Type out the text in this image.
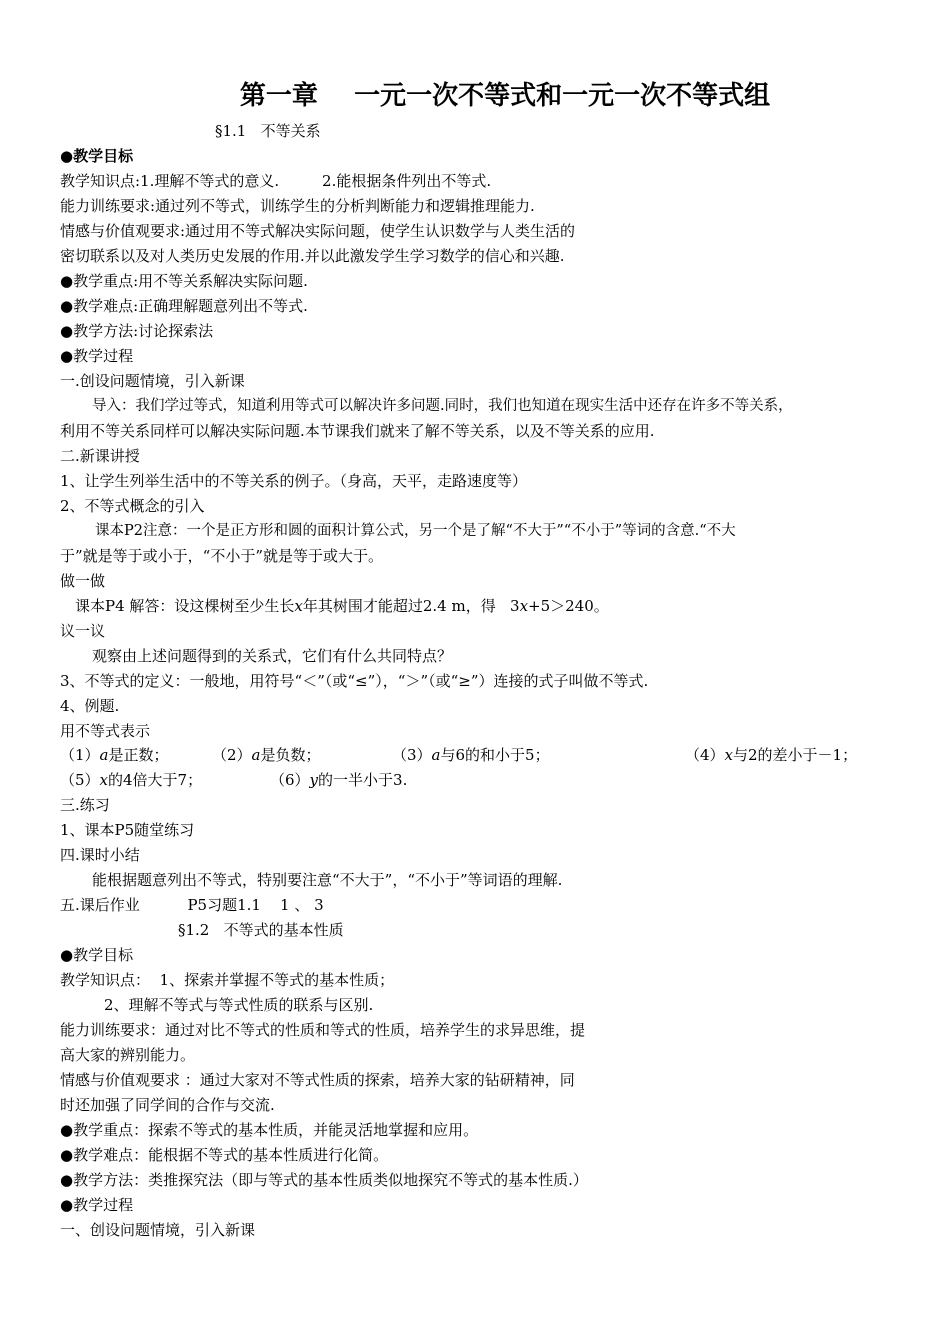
第一章    一元一次不等式和一元一次不等式组
§1.1   不等关系
●教学目标
教学知识点:1.理解不等式的意义.         2.能根据条件列出不等式.
能力训练要求:通过列不等式，训练学生的分析判断能力和逻辑推理能力.
情感与价值观要求:通过用不等式解决实际问题，使学生认识数学与人类生活的
密切联系以及对人类历史发展的作用.并以此激发学生学习数学的信心和兴趣.
●教学重点:用不等关系解决实际问题.
●教学难点:正确理解题意列出不等式.
●教学方法:讨论探索法
●教学过程
一.创设问题情境，引入新课
导入：我们学过等式，知道利用等式可以解决许多问题.同时，我们也知道在现实生活中还存在许多不等关系，
利用不等关系同样可以解决实际问题.本节课我们就来了解不等关系，以及不等关系的应用.
二.新课讲授
1、让学生列举生活中的不等关系的例子。（身高，天平，走路速度等）
2、不等式概念的引入
课本P2注意：一个是正方形和圆的面积计算公式，另一个是了解“不大于”“不小于”等词的含意.“不大
于”就是等于或小于，“不小于”就是等于或大于。
做一做
课本P4 解答：设这棵树至少生长x年其树围才能超过2.4 m，得   3x+5＞240。
议一议
观察由上述问题得到的关系式，它们有什么共同特点？
3、不等式的定义：一般地，用符号“＜”（或“≤”），“＞”（或“≥”）连接的式子叫做不等式.
4、例题.
用不等式表示
（1）a是正数；	（2）a是负数；	（3）a与6的和小于5；	（4）x与2的差小于－1；
（5）x的4倍大于7；	（6）y的一半小于3.
三.练习
1、课本P5随堂练习
四.课时小结
能根据题意列出不等式，特别要注意“不大于”，“不小于”等词语的理解.
五.课后作业          P5习题1.1    1 、 3
§1.2   不等式的基本性质
●教学目标
教学知识点：  1、探索并掌握不等式的基本性质；
2、理解不等式与等式性质的联系与区别.
能力训练要求：通过对比不等式的性质和等式的性质，培养学生的求异思维，提
高大家的辨别能力。
情感与价值观要求 ：通过大家对不等式性质的探索，培养大家的钻研精神，同
时还加强了同学间的合作与交流.
●教学重点：探索不等式的基本性质，并能灵活地掌握和应用。
●教学难点：能根据不等式的基本性质进行化简。
●教学方法：类推探究法（即与等式的基本性质类似地探究不等式的基本性质.）
●教学过程
一、创设问题情境，引入新课
